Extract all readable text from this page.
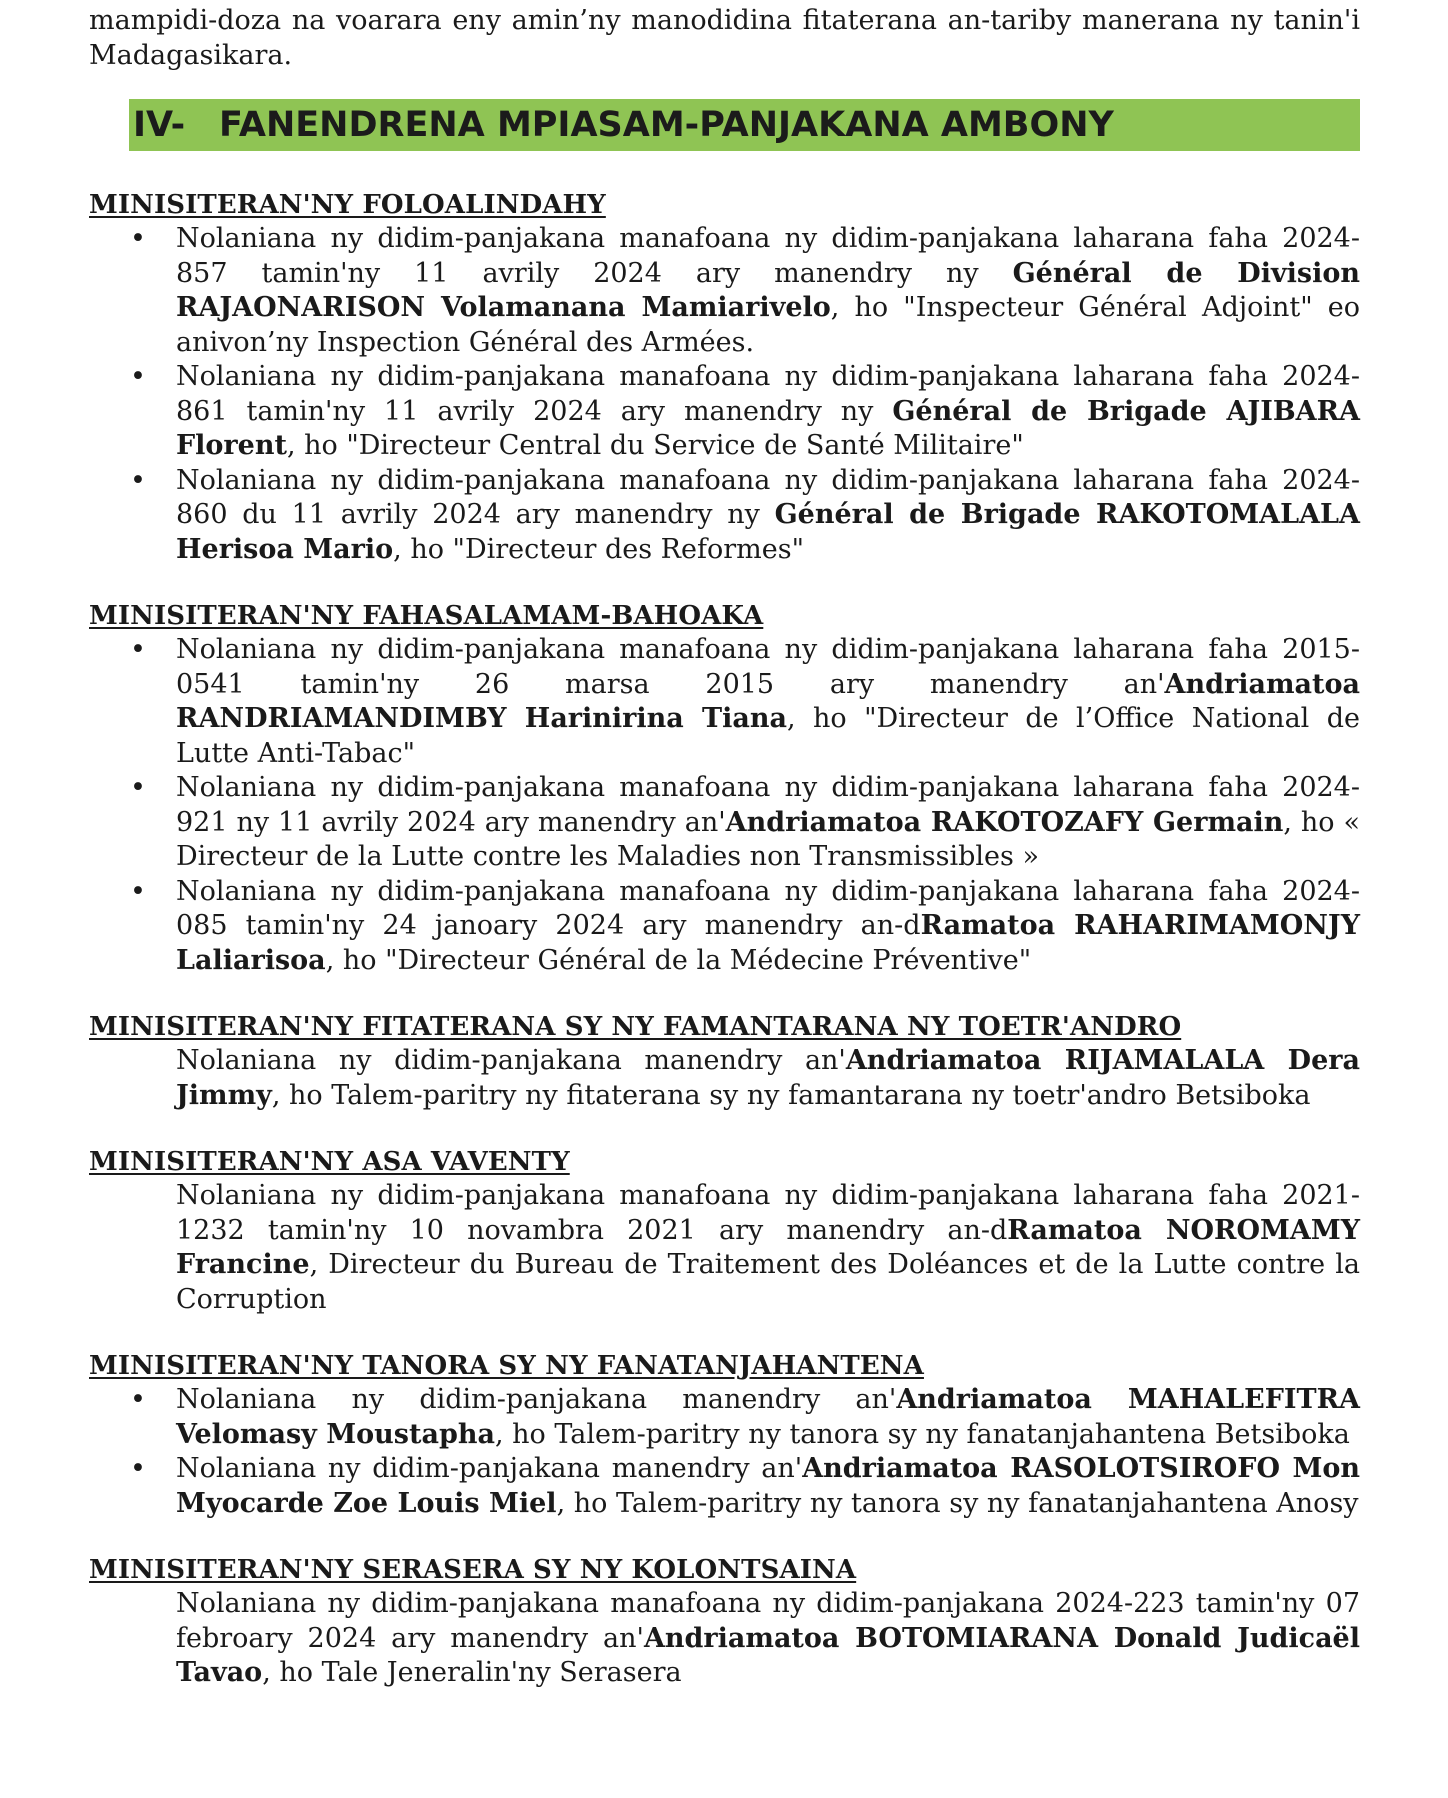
mampidi-doza na voarara eny amin’ny manodidina fitaterana an-tariby manerana ny tanin'i Madagasikara.

IV- FANENDRENA MPIASAM-PANJAKANA AMBONY
MINISITERAN'NY FOLOALINDAHY
• Nolaniana ny didim-panjakana manafoana ny didim-panjakana laharana faha 2024-857 tamin'ny 11 avrily 2024 ary manendry ny Général de Division RAJAONARISON Volamanana Mamiarivelo, ho "Inspecteur Général Adjoint" eo anivon’ny Inspection Général des Armées.
• Nolaniana ny didim-panjakana manafoana ny didim-panjakana laharana faha 2024-861 tamin'ny 11 avrily 2024 ary manendry ny Général de Brigade AJIBARA Florent, ho "Directeur Central du Service de Santé Militaire"
• Nolaniana ny didim-panjakana manafoana ny didim-panjakana laharana faha 2024-860 du 11 avrily 2024 ary manendry ny Général de Brigade RAKOTOMALALA Herisoa Mario, ho "Directeur des Reformes"
MINISITERAN'NY FAHASALAMAM-BAHOAKA
• Nolaniana ny didim-panjakana manafoana ny didim-panjakana laharana faha 2015-0541 tamin'ny 26 marsa 2015 ary manendry an'Andriamatoa RANDRIAMANDIMBY Harinirina Tiana, ho "Directeur de l’Office National de Lutte Anti-Tabac"
• Nolaniana ny didim-panjakana manafoana ny didim-panjakana laharana faha 2024-921 ny 11 avrily 2024 ary manendry an'Andriamatoa RAKOTOZAFY Germain, ho « Directeur de la Lutte contre les Maladies non Transmissibles »
• Nolaniana ny didim-panjakana manafoana ny didim-panjakana laharana faha 2024-085 tamin'ny 24 janoary 2024 ary manendry an-dRamatoa RAHARIMAMONJY Laliarisoa, ho "Directeur Général de la Médecine Préventive"
MINISITERAN'NY FITATERANA SY NY FAMANTARANA NY TOETR'ANDRO

Nolaniana ny didim-panjakana manendry an'Andriamatoa RIJAMALALA Dera Jimmy, ho Talem-paritry ny fitaterana sy ny famantarana ny toetr'andro Betsiboka

MINISITERAN'NY ASA VAVENTY

Nolaniana ny didim-panjakana manafoana ny didim-panjakana laharana faha 2021-1232 tamin'ny 10 novambra 2021 ary manendry an-dRamatoa NOROMAMY Francine, Directeur du Bureau de Traitement des Doléances et de la Lutte contre la Corruption

MINISITERAN'NY TANORA SY NY FANATANJAHANTENA
• Nolaniana ny didim-panjakana manendry an'Andriamatoa MAHALEFITRA Velomasy Moustapha, ho Talem-paritry ny tanora sy ny fanatanjahantena Betsiboka
• Nolaniana ny didim-panjakana manendry an'Andriamatoa RASOLOTSIROFO Mon Myocarde Zoe Louis Miel, ho Talem-paritry ny tanora sy ny fanatanjahantena Anosy
MINISITERAN'NY SERASERA SY NY KOLONTSAINA

Nolaniana ny didim-panjakana manafoana ny didim-panjakana 2024-223 tamin'ny 07 febroary 2024 ary manendry an'Andriamatoa BOTOMIARANA Donald Judicaël Tavao, ho Tale Jeneralin'ny Serasera
